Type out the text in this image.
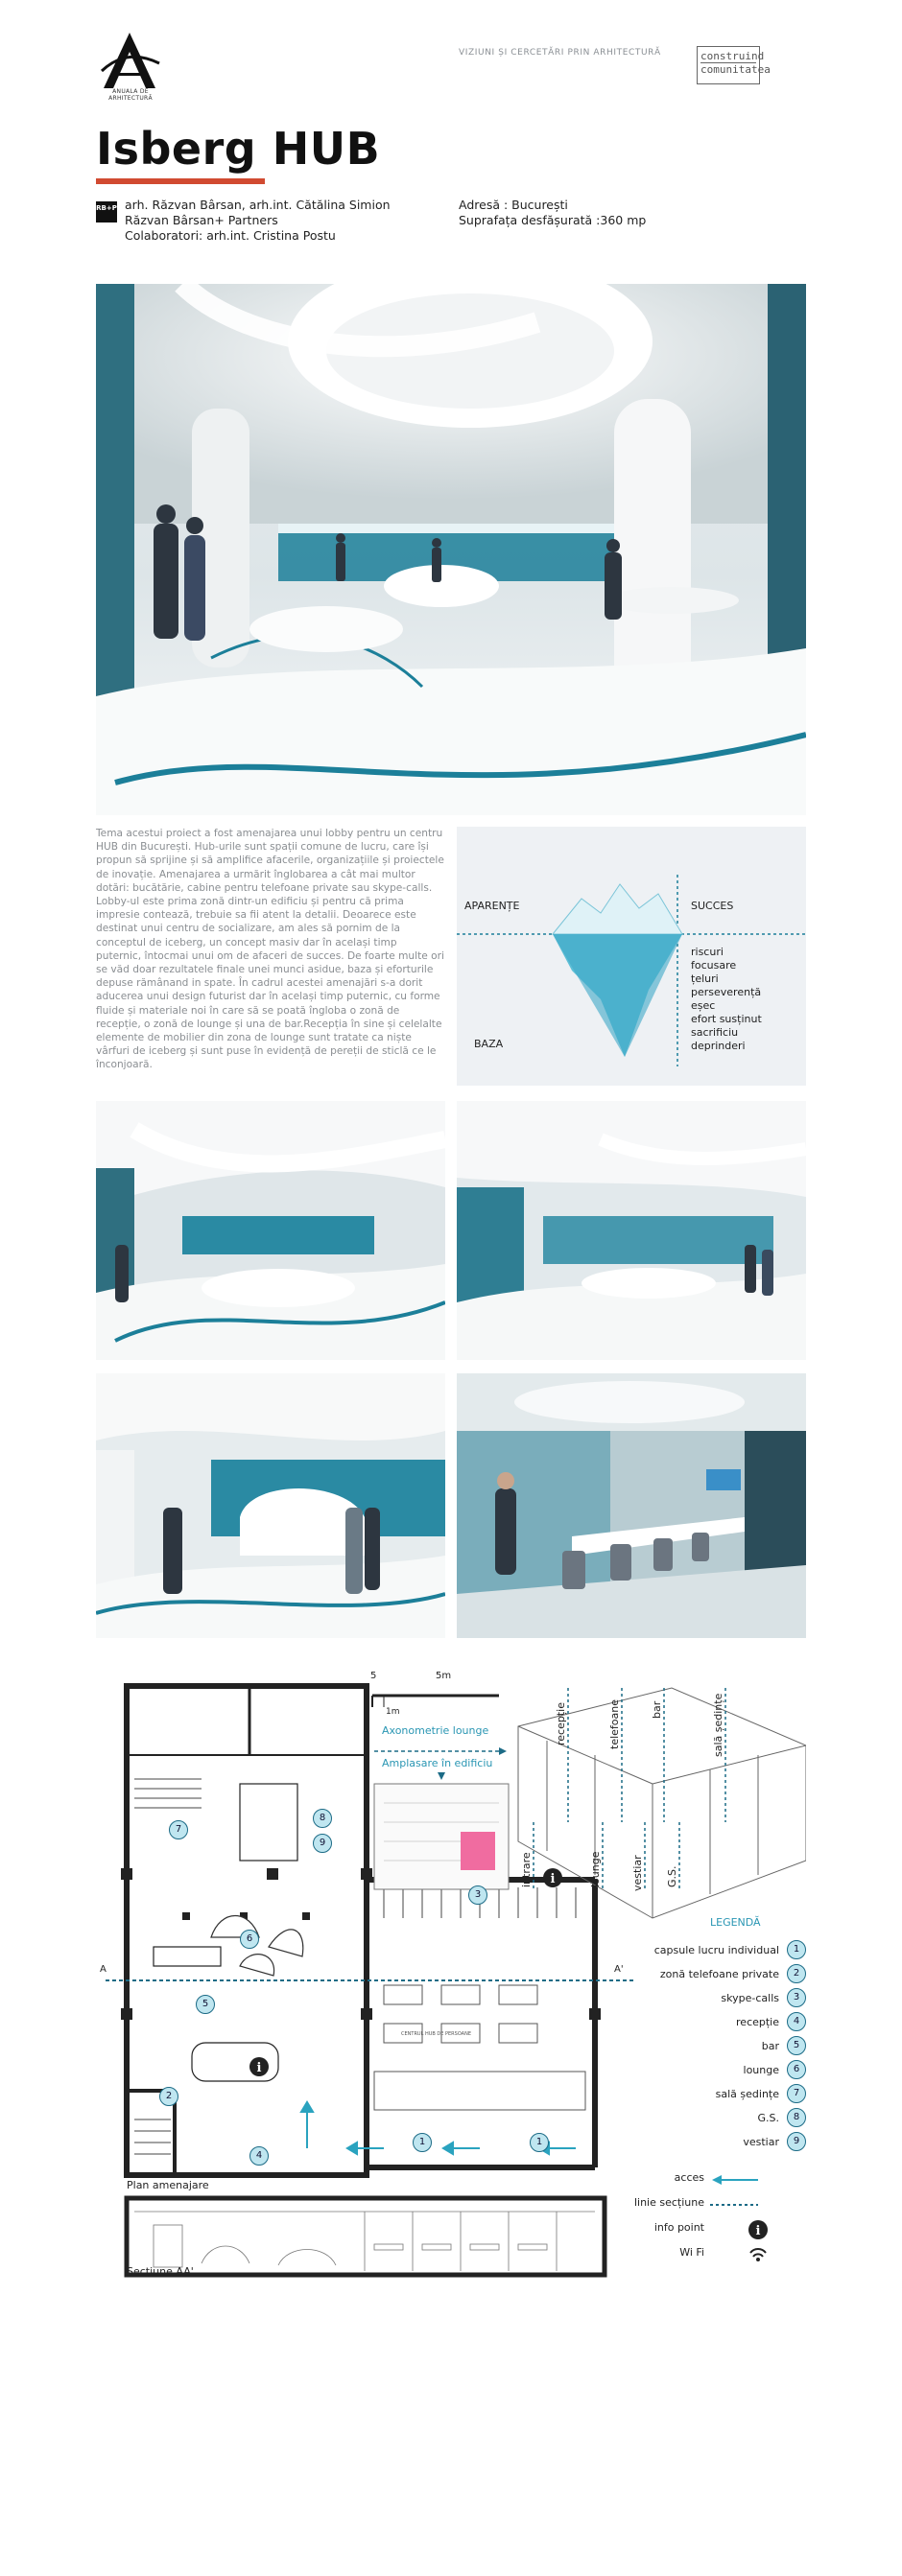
ANUALA DE ARHITECTURĂ
VIZIUNI ȘI CERCETĂRI PRIN ARHITECTURĂ	construind
comunitatea
Isberg HUB
RB+P arh. Răzvan Bârsan, arh.int. Cătălina Simion
Răzvan Bârsan+ Partners
Colaboratori: arh.int. Cristina Postu
Adresă : București
Suprafața desfășurată :360 mp
Tema acestui proiect a fost amenajarea unui lobby pentru un centru HUB din București. Hub-urile sunt spații comune de lucru, care își propun să sprijine și să amplifice afacerile, organizațiile și proiectele de inovație. Amenajarea a urmărit înglobarea a cât mai multor dotări: bucătărie, cabine pentru telefoane private sau skype-calls. Lobby-ul este prima zonă dintr-un edificiu și pentru că prima impresie contează, trebuie sa fii atent la detalii. Deoarece este destinat unui centru de socializare, am ales să pornim de la conceptul de iceberg, un concept masiv dar în același timp puternic, întocmai unui om de afaceri de succes. De foarte multe ori se văd doar rezultatele finale unei munci asidue, baza și eforturile depuse rămânand in spate. În cadrul acestei amenajări s-a dorit aducerea unui design futurist dar în același timp puternic, cu forme fluide și materiale noi în care să se poată îngloba o zonă de recepție, o zonă de lounge și una de bar.Recepția în sine și celelalte elemente de mobilier din zona de lounge sunt tratate ca niște vârfuri de iceberg și sunt puse în evidență de pereții de sticlă ce le înconjoară.
APARENȚE	SUCCES
BAZA
riscuri
focusare
țeluri
perseverență
eșec
efort susținut
sacrificiu
deprinderi
i
i
i
5	5m
1m
Axonometrie lounge
Amplasare în edificiu
CENTRUL HUB DE PERSOANE
A	A'
Plan amenajare
Secțiune AA'
recepție	telefoane	bar	sală ședințe
intrare	lounge	vestiar G.S.
1	1
2
3
4
5
6
7
8
9
LEGENDĂ
capsule lucru individual	1
zonă telefoane private	2
skype-calls	3
recepție	4
bar	5
lounge	6
sală ședințe	7
G.S.	8
vestiar	9
acces
linie secțiune
info point
Wi Fi
